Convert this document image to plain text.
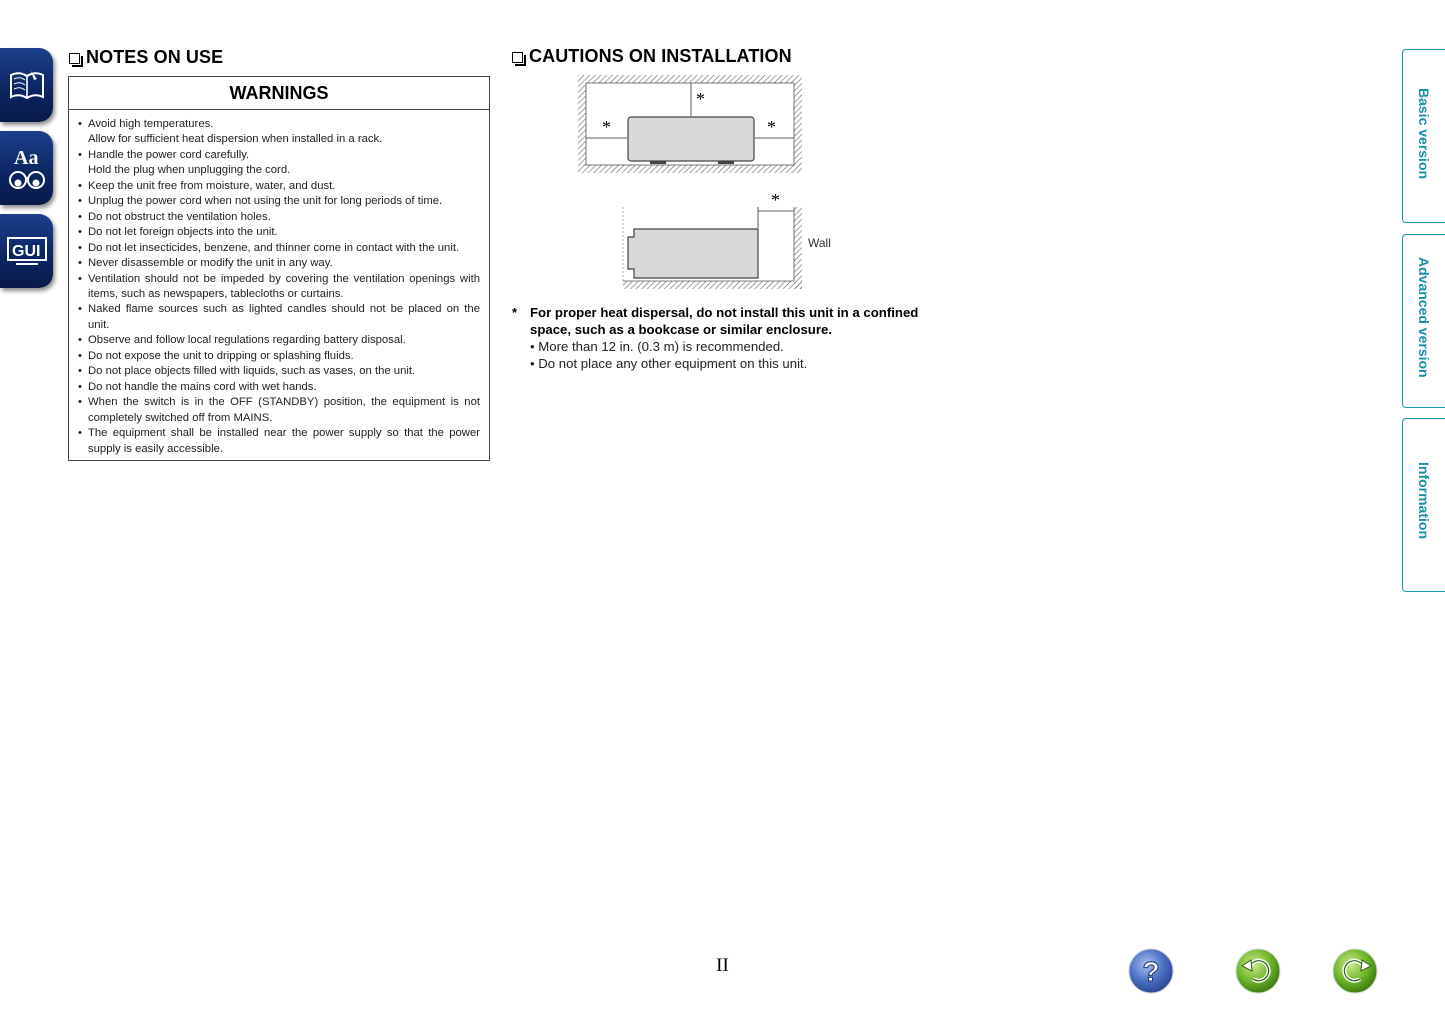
Aa
GUI
NOTES ON USE
WARNINGS
• Avoid high temperatures.
Allow for sufficient heat dispersion when installed in a rack.
• Handle the power cord carefully.
Hold the plug when unplugging the cord.
• Keep the unit free from moisture, water, and dust.
• Unplug the power cord when not using the unit for long periods of time.
• Do not obstruct the ventilation holes.
• Do not let foreign objects into the unit.
• Do not let insecticides, benzene, and thinner come in contact with the unit.
• Never disassemble or modify the unit in any way.
• Ventilation should not be impeded by covering the ventilation openings with items, such as newspapers, tablecloths or curtains.
• Naked flame sources such as lighted candles should not be placed on the unit.
• Observe and follow local regulations regarding battery disposal.
• Do not expose the unit to dripping or splashing fluids.
• Do not place objects filled with liquids, such as vases, on the unit.
• Do not handle the mains cord with wet hands.
• When the switch is in the OFF (STANDBY) position, the equipment is not completely switched off from MAINS.
• The equipment shall be installed near the power supply so that the power supply is easily accessible.
CAUTIONS ON INSTALLATION
*
*	*
*
Wall
* For proper heat dispersal, do not install this unit in a confined space, such as a bookcase or similar enclosure.
• More than 12 in. (0.3 m) is recommended.
• Do not place any other equipment on this unit.
Basic version
Advanced version
Information
II	?
